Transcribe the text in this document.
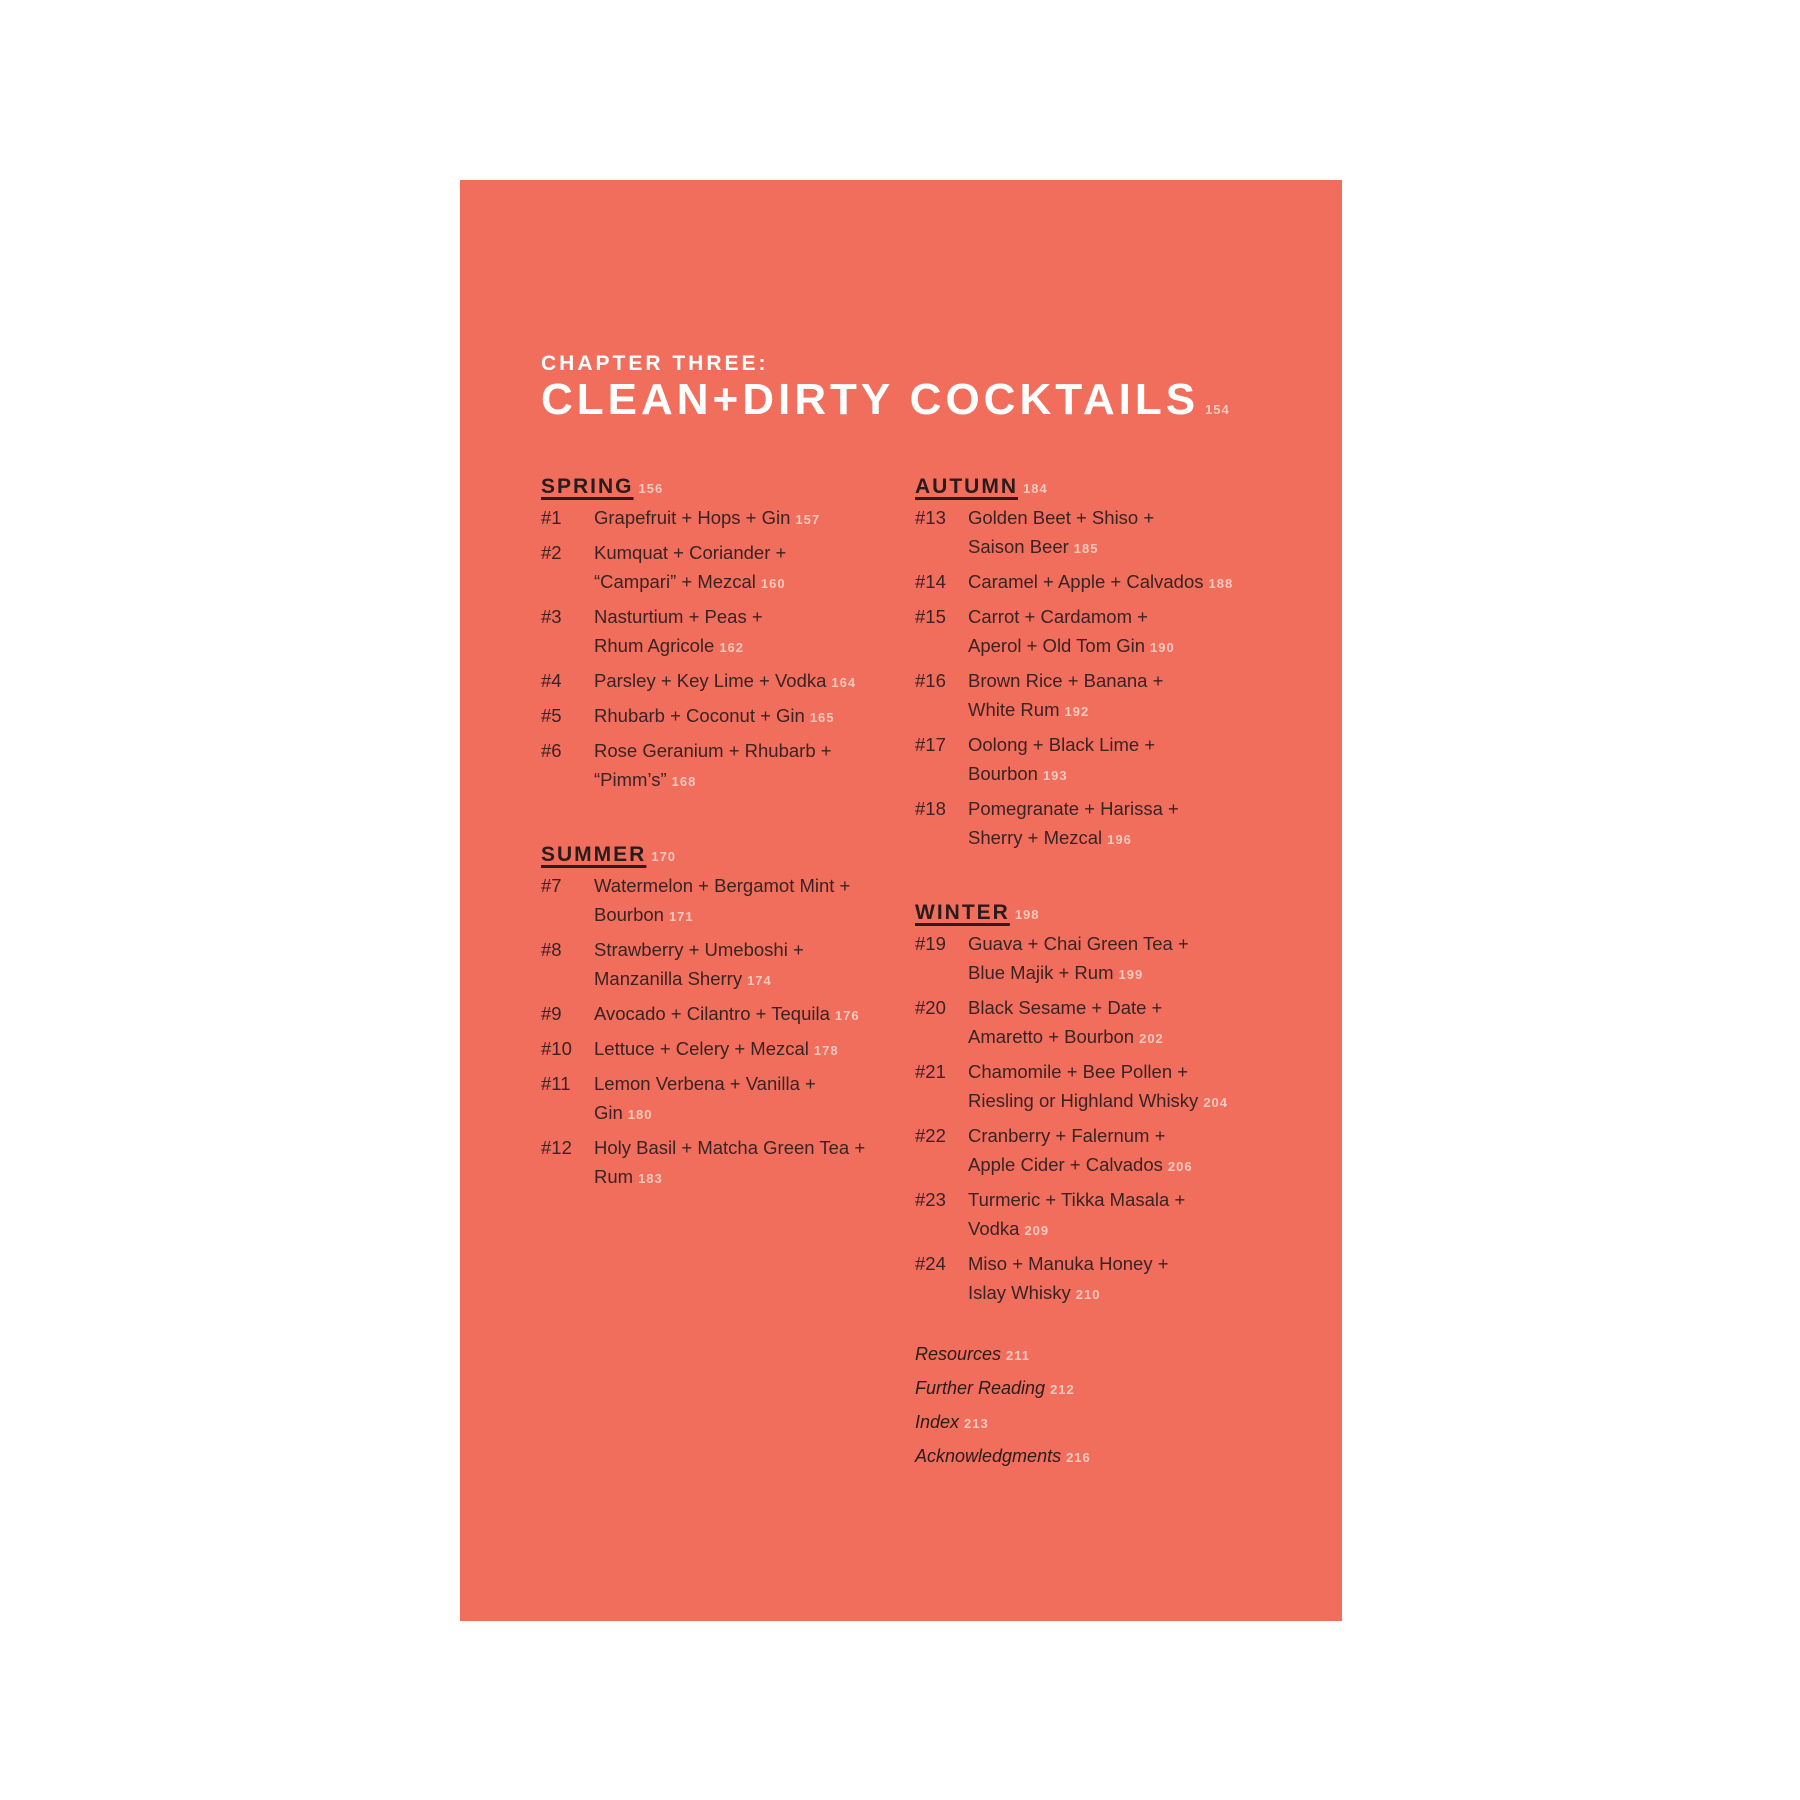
CHAPTER THREE:
CLEAN+DIRTY COCKTAILS 154
SPRING 156
#1	Grapefruit + Hops + Gin 157
#2	Kumquat + Coriander +
“Campari” + Mezcal 160
#3	Nasturtium + Peas +
Rhum Agricole 162
#4	Parsley + Key Lime + Vodka 164
#5	Rhubarb + Coconut + Gin 165
#6	Rose Geranium + Rhubarb +
“Pimm’s” 168
SUMMER 170
#7	Watermelon + Bergamot Mint +
Bourbon 171
#8	Strawberry + Umeboshi +
Manzanilla Sherry 174
#9	Avocado + Cilantro + Tequila 176
#10	Lettuce + Celery + Mezcal 178
#11	Lemon Verbena + Vanilla +
Gin 180
#12	Holy Basil + Matcha Green Tea +
Rum 183
AUTUMN 184
#13	Golden Beet + Shiso +
Saison Beer 185
#14	Caramel + Apple + Calvados 188
#15	Carrot + Cardamom +
Aperol + Old Tom Gin 190
#16	Brown Rice + Banana +
White Rum 192
#17	Oolong + Black Lime +
Bourbon 193
#18	Pomegranate + Harissa +
Sherry + Mezcal 196
WINTER 198
#19	Guava + Chai Green Tea +
Blue Majik + Rum 199
#20	Black Sesame + Date +
Amaretto + Bourbon 202
#21	Chamomile + Bee Pollen +
Riesling or Highland Whisky 204
#22	Cranberry + Falernum +
Apple Cider + Calvados 206
#23	Turmeric + Tikka Masala +
Vodka 209
#24	Miso + Manuka Honey +
Islay Whisky 210
Resources 211
Further Reading 212
Index 213
Acknowledgments 216
